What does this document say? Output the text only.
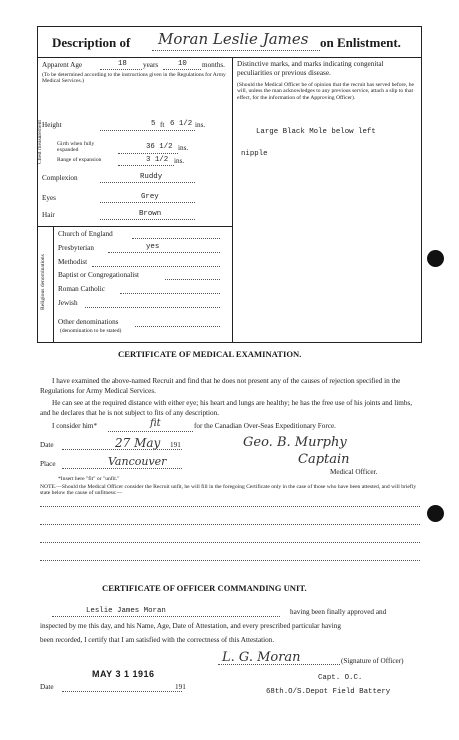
Description of Moran Leslie James on Enlistment.
Apparent Age	18 years	10 months.
(To be determined according to the instructions given in the Regulations for Army Medical Services.)
Height	5 ft 6 1/2 ins.
Chest measurement	Girth when fully expanded	36 1/2 ins.
Range of expansion	3 1/2 ins.
Complexion	Ruddy
Eyes	Grey
Hair	Brown
Religious denominations
Church of England
Presbyterian	yes
Methodist
Baptist or Congregationalist
Roman Catholic
Jewish
Other denominations
(denomination to be stated)
Distinctive marks, and marks indicating congenital peculiarities or previous disease.
(Should the Medical Officer be of opinion that the recruit has served before, he will, unless the man acknowledges to any previous service, attach a slip to that effect, for the information of the Approving Officer).
Large Black Mole below left
nipple
CERTIFICATE OF MEDICAL EXAMINATION.
I have examined the above-named Recruit and find that he does not present any of the causes of rejection specified in the Regulations for Army Medical Services.
He can see at the required distance with either eye; his heart and lungs are healthy; he has the free use of his joints and limbs, and he declares that he is not subject to fits of any description.
I consider him*	fit	for the Canadian Over-Seas Expeditionary Force.
Date	27 May 191
Place	Vancouver
Geo. B. Murphy
Captain
Medical Officer.
*Insert here "fit" or "unfit."
NOTE.—Should the Medical Officer consider the Recruit unfit, he will fill in the foregoing Certificate only in the case of those who have been attested, and will briefly state below the cause of unfitness:—
CERTIFICATE OF OFFICER COMMANDING UNIT.
Leslie James Moran	having been finally approved and
inspected by me this day, and his Name, Age, Date of Attestation, and every prescribed particular having
been recorded, I certify that I am satisfied with the correctness of this Attestation.
L. G. Moran	(Signature of Officer)
MAY 3 1 1916	Capt. O.C.
68th.O/S.Depot Field Battery
Date	191
